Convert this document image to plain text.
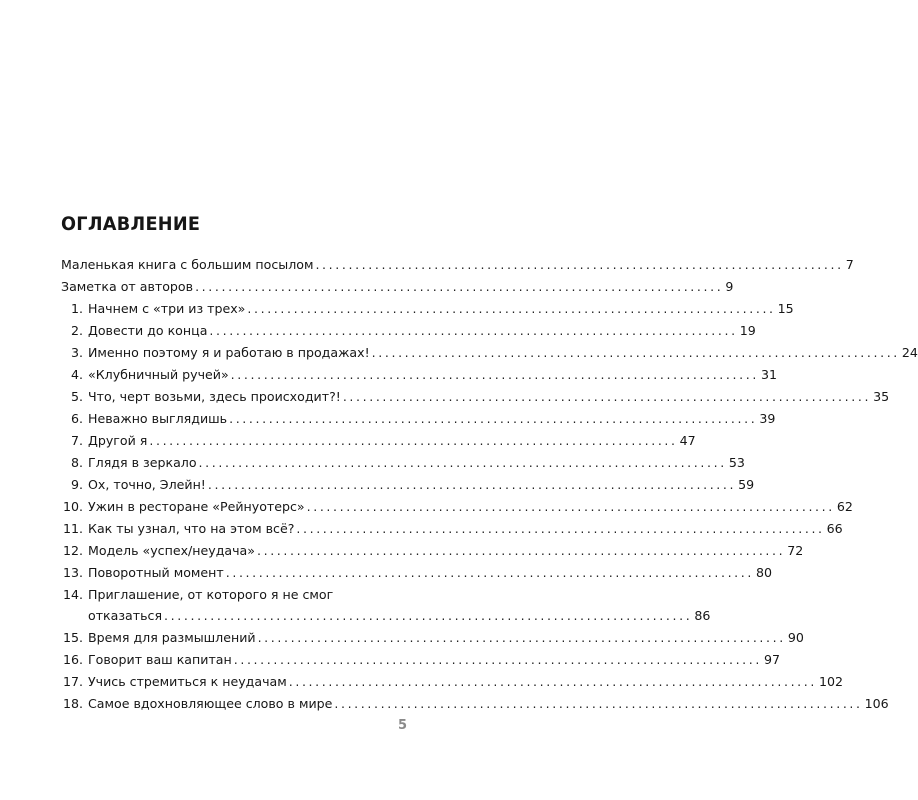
ОГЛАВЛЕНИЕ
Маленькая книга с большим посылом ................................................................................ 7
Заметка от авторов ................................................................................ 9
1. Начнем с «три из трех» ................................................................................ 15
2. Довести до конца ................................................................................ 19
3. Именно поэтому я и работаю в продажах! ................................................................................ 24
4. «Клубничный ручей» ................................................................................ 31
5. Что, черт возьми, здесь происходит?! ................................................................................ 35
6. Неважно выглядишь ................................................................................ 39
7. Другой я ................................................................................ 47
8. Глядя в зеркало ................................................................................ 53
9. Ох, точно, Элейн! ................................................................................ 59
10. Ужин в ресторане «Рейнуотерс» ................................................................................ 62
11. Как ты узнал, что на этом всё? ................................................................................ 66
12. Модель «успех/неудача» ................................................................................ 72
13. Поворотный момент ................................................................................ 80
14. Приглашение, от которого я не смог
отказаться ................................................................................ 86
15. Время для размышлений ................................................................................ 90
16. Говорит ваш капитан ................................................................................ 97
17. Учись стремиться к неудачам ................................................................................ 102
18. Самое вдохновляющее слово в мире ................................................................................ 106
5
